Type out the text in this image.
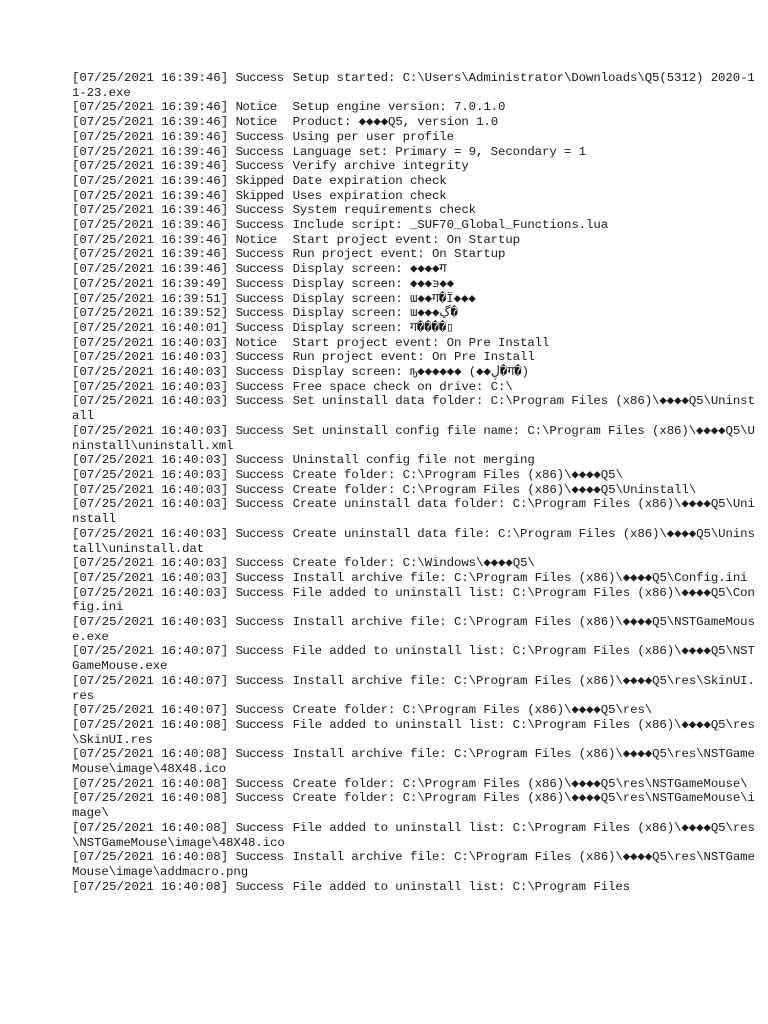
[07/25/2021 16:39:46] Success Setup started: C:\Users\Administrator\Downloads\Q5(5312) 2020-11-23.exe
[07/25/2021 16:39:46] Notice Setup engine version: 7.0.1.0
[07/25/2021 16:39:46] Notice Product: ◆◆◆◆Q5, version 1.0
[07/25/2021 16:39:46] Success Using per user profile
[07/25/2021 16:39:46] Success Language set: Primary = 9, Secondary = 1
[07/25/2021 16:39:46] Success Verify archive integrity
[07/25/2021 16:39:46] Skipped Date expiration check
[07/25/2021 16:39:46] Skipped Uses expiration check
[07/25/2021 16:39:46] Success System requirements check
[07/25/2021 16:39:46] Success Include script: _SUF70_Global_Functions.lua
[07/25/2021 16:39:46] Notice Start project event: On Startup
[07/25/2021 16:39:46] Success Run project event: On Startup
[07/25/2021 16:39:46] Success Display screen: ◆◆◆◆ग
[07/25/2021 16:39:49] Success Display screen: ◆◆◆϶◆◆
[07/25/2021 16:39:51] Success Display screen: ա◆◆ग�Ϊ◆◆◆
[07/25/2021 16:39:52] Success Display screen: ա◆◆◆ڲ�
[07/25/2021 16:40:01] Success Display screen: ग����▯
[07/25/2021 16:40:03] Notice Start project event: On Pre Install
[07/25/2021 16:40:03] Success Run project event: On Pre Install
[07/25/2021 16:40:03] Success Display screen: ҧ◆◆◆◆◆◆ (◆◆ڸ�ग�)
[07/25/2021 16:40:03] Success Free space check on drive: C:\
[07/25/2021 16:40:03] Success Set uninstall data folder: C:\Program Files (x86)\◆◆◆◆Q5\Uninstall
[07/25/2021 16:40:03] Success Set uninstall config file name: C:\Program Files (x86)\◆◆◆◆Q5\Uninstall\uninstall.xml
[07/25/2021 16:40:03] Success Uninstall config file not merging
[07/25/2021 16:40:03] Success Create folder: C:\Program Files (x86)\◆◆◆◆Q5\
[07/25/2021 16:40:03] Success Create folder: C:\Program Files (x86)\◆◆◆◆Q5\Uninstall\
[07/25/2021 16:40:03] Success Create uninstall data folder: C:\Program Files (x86)\◆◆◆◆Q5\Uninstall
[07/25/2021 16:40:03] Success Create uninstall data file: C:\Program Files (x86)\◆◆◆◆Q5\Uninstall\uninstall.dat
[07/25/2021 16:40:03] Success Create folder: C:\Windows\◆◆◆◆Q5\
[07/25/2021 16:40:03] Success Install archive file: C:\Program Files (x86)\◆◆◆◆Q5\Config.ini
[07/25/2021 16:40:03] Success File added to uninstall list: C:\Program Files (x86)\◆◆◆◆Q5\Config.ini
[07/25/2021 16:40:03] Success Install archive file: C:\Program Files (x86)\◆◆◆◆Q5\NSTGameMouse.exe
[07/25/2021 16:40:07] Success File added to uninstall list: C:\Program Files (x86)\◆◆◆◆Q5\NSTGameMouse.exe
[07/25/2021 16:40:07] Success Install archive file: C:\Program Files (x86)\◆◆◆◆Q5\res\SkinUI.res
[07/25/2021 16:40:07] Success Create folder: C:\Program Files (x86)\◆◆◆◆Q5\res\
[07/25/2021 16:40:08] Success File added to uninstall list: C:\Program Files (x86)\◆◆◆◆Q5\res\SkinUI.res
[07/25/2021 16:40:08] Success Install archive file: C:\Program Files (x86)\◆◆◆◆Q5\res\NSTGameMouse\image\48X48.ico
[07/25/2021 16:40:08] Success Create folder: C:\Program Files (x86)\◆◆◆◆Q5\res\NSTGameMouse\
[07/25/2021 16:40:08] Success Create folder: C:\Program Files (x86)\◆◆◆◆Q5\res\NSTGameMouse\image\
[07/25/2021 16:40:08] Success File added to uninstall list: C:\Program Files (x86)\◆◆◆◆Q5\res\NSTGameMouse\image\48X48.ico
[07/25/2021 16:40:08] Success Install archive file: C:\Program Files (x86)\◆◆◆◆Q5\res\NSTGameMouse\image\addmacro.png
[07/25/2021 16:40:08] Success File added to uninstall list: C:\Program Files
